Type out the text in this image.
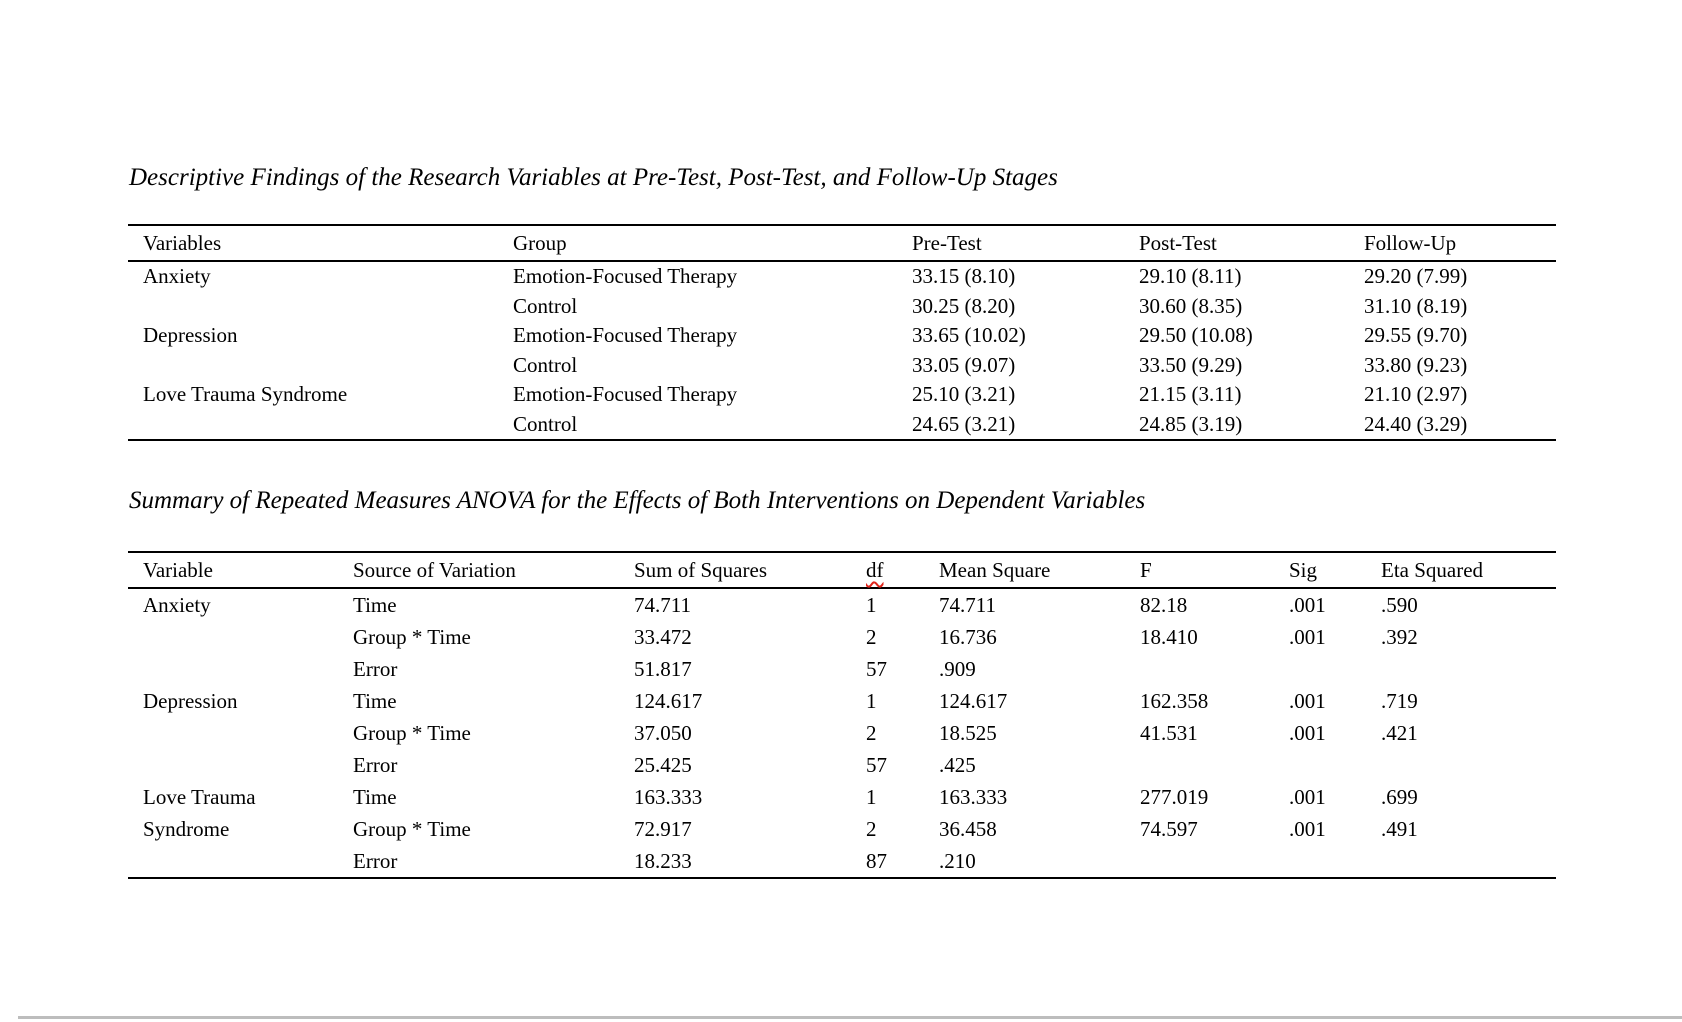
Descriptive Findings of the Research Variables at Pre-Test, Post-Test, and Follow-Up Stages
Variables	Group	Pre-Test	Post-Test	Follow-Up
Anxiety	Emotion-Focused Therapy	33.15 (8.10)	29.10 (8.11)	29.20 (7.99)
	Control	30.25 (8.20)	30.60 (8.35)	31.10 (8.19)
Depression	Emotion-Focused Therapy	33.65 (10.02)	29.50 (10.08)	29.55 (9.70)
	Control	33.05 (9.07)	33.50 (9.29)	33.80 (9.23)
Love Trauma Syndrome	Emotion-Focused Therapy	25.10 (3.21)	21.15 (3.11)	21.10 (2.97)
	Control	24.65 (3.21)	24.85 (3.19)	24.40 (3.29)
Summary of Repeated Measures ANOVA for the Effects of Both Interventions on Dependent Variables
Variable	Source of Variation	Sum of Squares	df	Mean Square	F	Sig	Eta Squared
Anxiety	Time	74.711	1	74.711	82.18	.001	.590
	Group * Time	33.472	2	16.736	18.410	.001	.392
	Error	51.817	57	.909			
Depression	Time	124.617	1	124.617	162.358	.001	.719
	Group * Time	37.050	2	18.525	41.531	.001	.421
	Error	25.425	57	.425			
Love Trauma	Time	163.333	1	163.333	277.019	.001	.699
Syndrome	Group * Time	72.917	2	36.458	74.597	.001	.491
	Error	18.233	87	.210			
